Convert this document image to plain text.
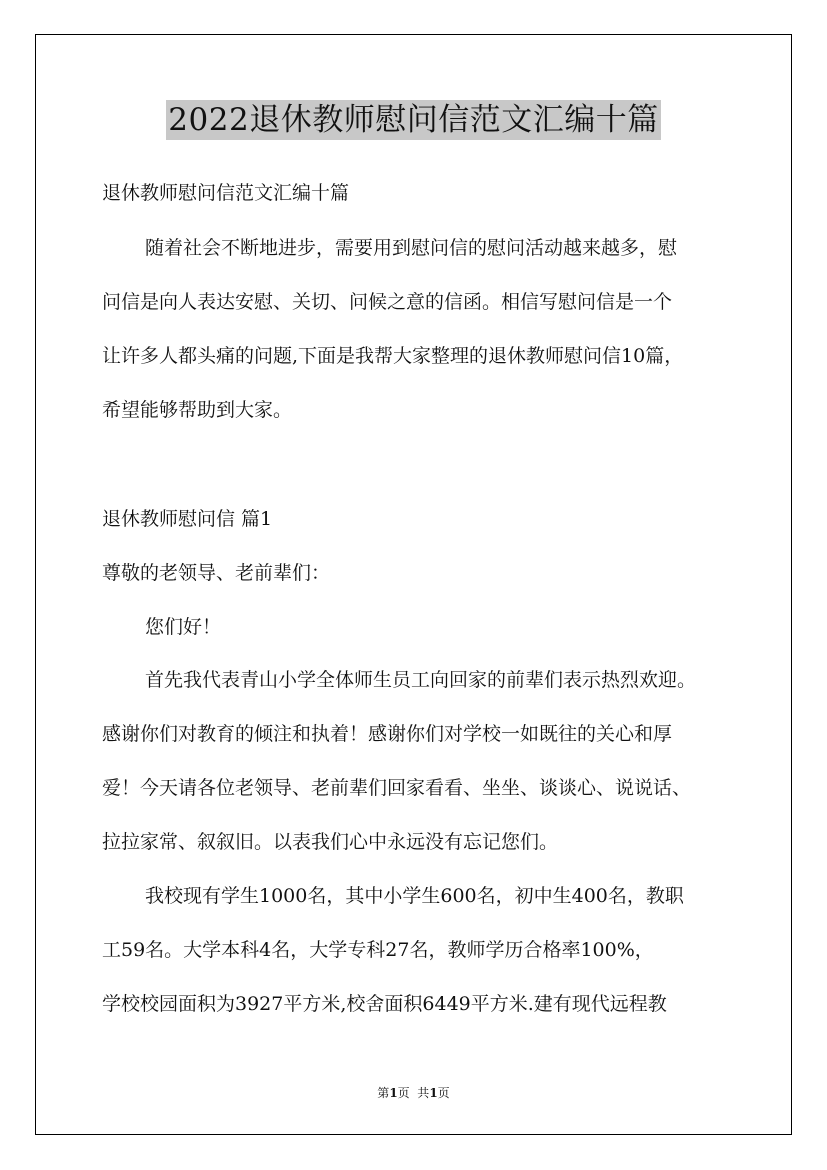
2022退休教师慰问信范文汇编十篇
退休教师慰问信范文汇编十篇
随着社会不断地进步，需要用到慰问信的慰问活动越来越多，慰
问信是向人表达安慰、关切、问候之意的信函。相信写慰问信是一个
让许多人都头痛的问题,下面是我帮大家整理的退休教师慰问信10篇，
希望能够帮助到大家。
退休教师慰问信 篇1
尊敬的老领导、老前辈们：
您们好！
首先我代表青山小学全体师生员工向回家的前辈们表示热烈欢迎。
感谢你们对教育的倾注和执着！感谢你们对学校一如既往的关心和厚
爱！今天请各位老领导、老前辈们回家看看、坐坐、谈谈心、说说话、
拉拉家常、叙叙旧。以表我们心中永远没有忘记您们。
我校现有学生1000名，其中小学生600名，初中生400名，教职
工59名。大学本科4名，大学专科27名，教师学历合格率100%，
学校校园面积为3927平方米,校舍面积6449平方米.建有现代远程教
第1页  共1页
